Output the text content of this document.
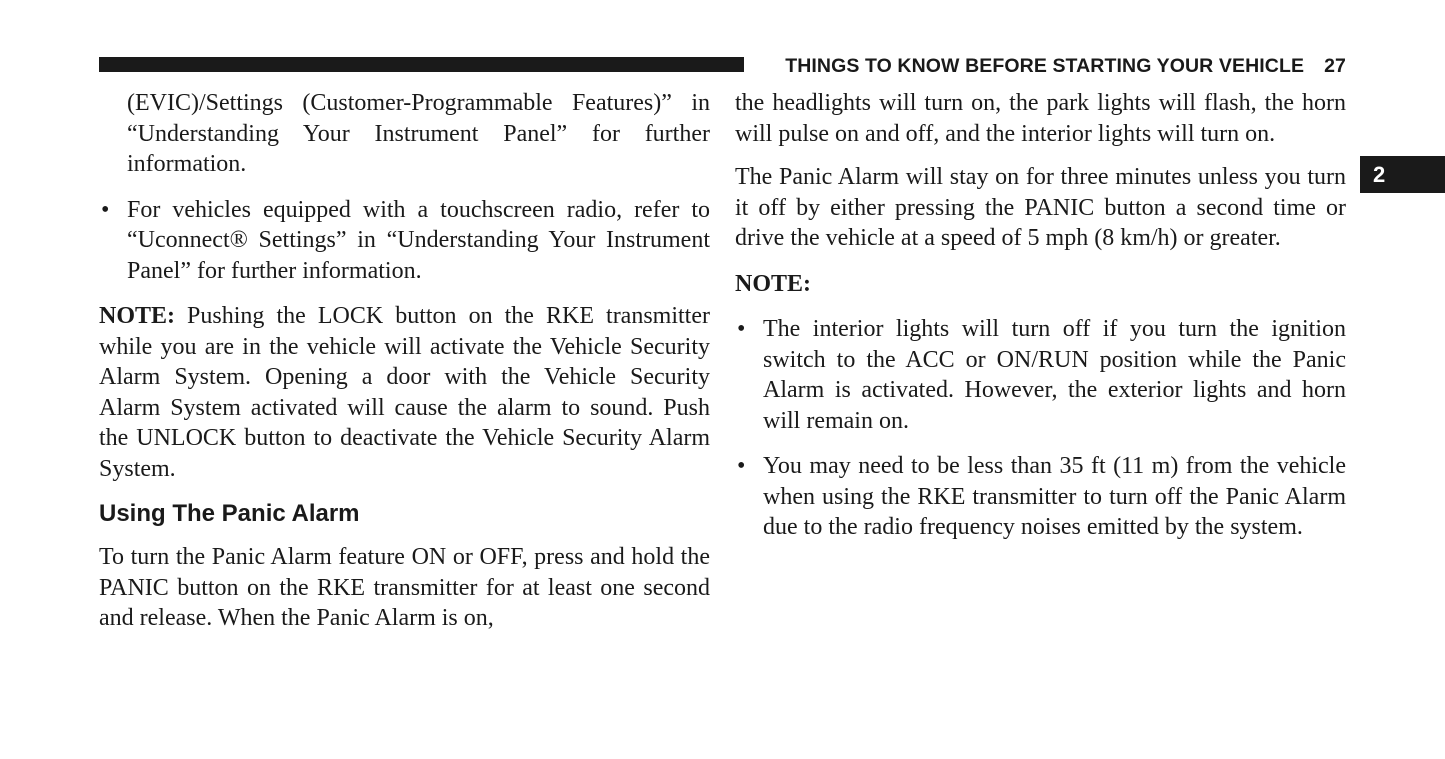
THINGS TO KNOW BEFORE STARTING YOUR VEHICLE 27
2

(EVIC)/Settings (Customer-Programmable Features)” in “Understanding Your Instrument Panel” for further information.

• For vehicles equipped with a touchscreen radio, refer to “Uconnect® Settings” in “Understanding Your Instrument Panel” for further information.

NOTE: Pushing the LOCK button on the RKE transmitter while you are in the vehicle will activate the Vehicle Security Alarm System. Opening a door with the Vehicle Security Alarm System activated will cause the alarm to sound. Push the UNLOCK button to deactivate the Vehicle Security Alarm System.

Using The Panic Alarm

To turn the Panic Alarm feature ON or OFF, press and hold the PANIC button on the RKE transmitter for at least one second and release. When the Panic Alarm is on,

the headlights will turn on, the park lights will flash, the horn will pulse on and off, and the interior lights will turn on.

The Panic Alarm will stay on for three minutes unless you turn it off by either pressing the PANIC button a second time or drive the vehicle at a speed of 5 mph (8 km/h) or greater.

NOTE:

• The interior lights will turn off if you turn the ignition switch to the ACC or ON/RUN position while the Panic Alarm is activated. However, the exterior lights and horn will remain on.
• You may need to be less than 35 ft (11 m) from the vehicle when using the RKE transmitter to turn off the Panic Alarm due to the radio frequency noises emitted by the system.
